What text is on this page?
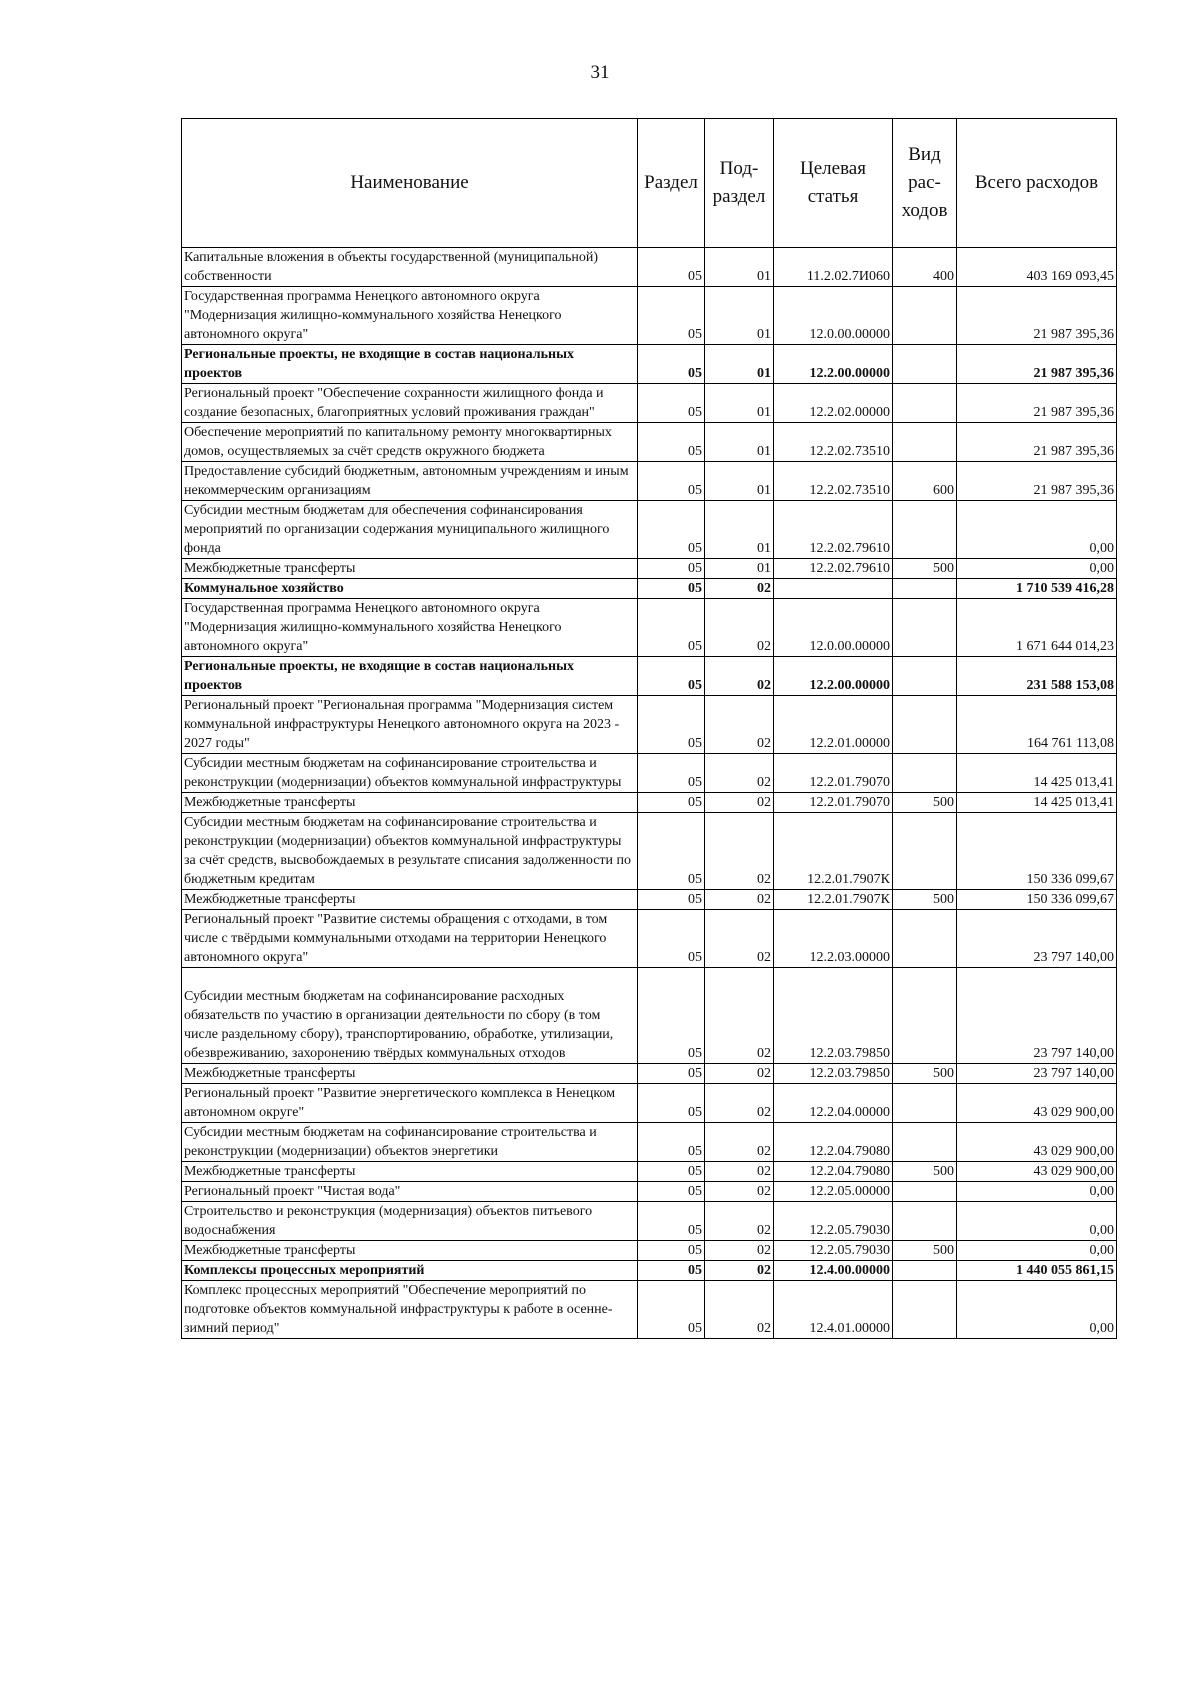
31
Наименование	Раздел	Под-раздел	Целевая статья	Вид рас-ходов	Всего расходов
Капитальные вложения в объекты государственной (муниципальной) собственности	05	01	11.2.02.7И060	400	403 169 093,45
Государственная программа Ненецкого автономного округа "Модернизация жилищно-коммунального хозяйства Ненецкого автономного округа"	05	01	12.0.00.00000		21 987 395,36
Региональные проекты, не входящие в состав национальных проектов	05	01	12.2.00.00000		21 987 395,36
Региональный проект "Обеспечение сохранности жилищного фонда и создание безопасных, благоприятных условий проживания граждан"	05	01	12.2.02.00000		21 987 395,36
Обеспечение мероприятий по капитальному ремонту многоквартирных домов, осуществляемых за счёт средств окружного бюджета	05	01	12.2.02.73510		21 987 395,36
Предоставление субсидий бюджетным, автономным учреждениям и иным некоммерческим организациям	05	01	12.2.02.73510	600	21 987 395,36
Субсидии местным бюджетам для обеспечения софинансирования мероприятий по организации содержания муниципального жилищного фонда	05	01	12.2.02.79610		0,00
Межбюджетные трансферты	05	01	12.2.02.79610	500	0,00
Коммунальное хозяйство	05	02			1 710 539 416,28
Государственная программа Ненецкого автономного округа "Модернизация жилищно-коммунального хозяйства Ненецкого автономного округа"	05	02	12.0.00.00000		1 671 644 014,23
Региональные проекты, не входящие в состав национальных проектов	05	02	12.2.00.00000		231 588 153,08
Региональный проект "Региональная программа "Модернизация систем коммунальной инфраструктуры Ненецкого автономного округа на 2023 - 2027 годы"	05	02	12.2.01.00000		164 761 113,08
Субсидии местным бюджетам на софинансирование строительства и реконструкции (модернизации) объектов коммунальной инфраструктуры	05	02	12.2.01.79070		14 425 013,41
Межбюджетные трансферты	05	02	12.2.01.79070	500	14 425 013,41
Субсидии местным бюджетам на софинансирование строительства и реконструкции (модернизации) объектов коммунальной инфраструктуры за счёт средств, высвобождаемых в результате списания задолженности по бюджетным кредитам	05	02	12.2.01.7907К		150 336 099,67
Межбюджетные трансферты	05	02	12.2.01.7907К	500	150 336 099,67
Региональный проект "Развитие системы обращения с отходами, в том числе с твёрдыми коммунальными отходами на территории Ненецкого автономного округа"	05	02	12.2.03.00000		23 797 140,00
Субсидии местным бюджетам на софинансирование расходных обязательств по участию в организации деятельности по сбору (в том числе раздельному сбору), транспортированию, обработке, утилизации, обезвреживанию, захоронению твёрдых коммунальных отходов	05	02	12.2.03.79850		23 797 140,00
Межбюджетные трансферты	05	02	12.2.03.79850	500	23 797 140,00
Региональный проект "Развитие энергетического комплекса в Ненецком автономном округе"	05	02	12.2.04.00000		43 029 900,00
Субсидии местным бюджетам на софинансирование строительства и реконструкции (модернизации) объектов энергетики	05	02	12.2.04.79080		43 029 900,00
Межбюджетные трансферты	05	02	12.2.04.79080	500	43 029 900,00
Региональный проект "Чистая вода"	05	02	12.2.05.00000		0,00
Строительство и реконструкция (модернизация) объектов питьевого водоснабжения	05	02	12.2.05.79030		0,00
Межбюджетные трансферты	05	02	12.2.05.79030	500	0,00
Комплексы процессных мероприятий	05	02	12.4.00.00000		1 440 055 861,15
Комплекс процессных мероприятий "Обеспечение мероприятий по подготовке объектов коммунальной инфраструктуры к работе в осенне-зимний период"	05	02	12.4.01.00000		0,00
